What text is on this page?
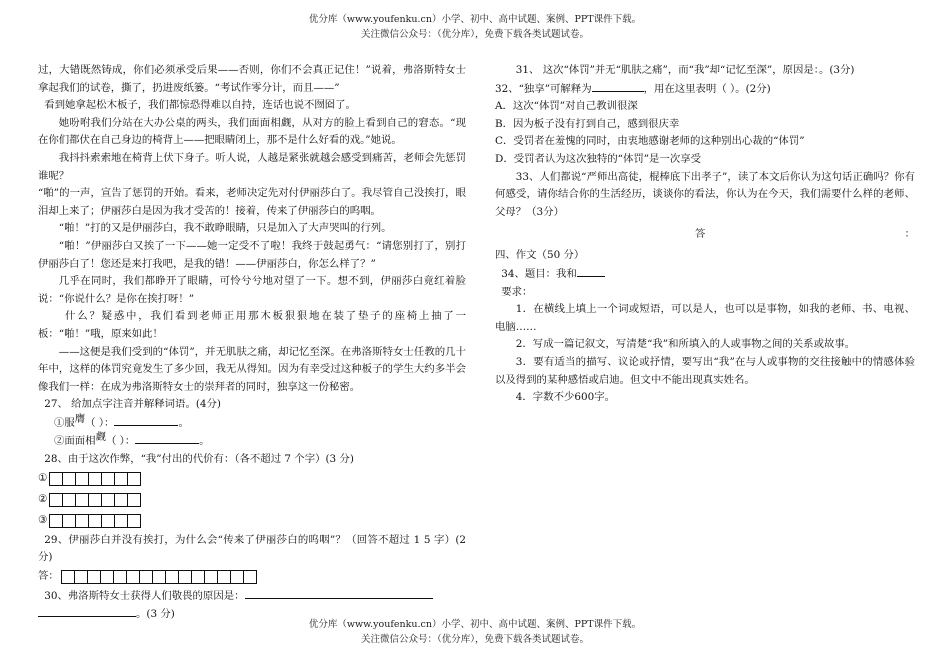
优分库（www.youfenku.cn）小学、初中、高中试题、案例、PPT课件下载。
关注微信公众号：（优分库），免费下载各类试题试卷。

过，大错既然铸成，你们必须承受后果——否则，你们不会真正记住！”说着，弗洛斯特女士拿起我们的试卷，撕了，扔进废纸篓。“考试作零分计，而且——”

看到她拿起松木板子，我们都惊恐得难以自持，连话也说不囫囵了。

她吩咐我们分站在大办公桌的两头，我们面面相觑，从对方的脸上看到自己的窘态。“现在你们都伏在自己身边的椅背上——把眼睛闭上，那不是什么好看的戏。”她说。

我抖抖索索地在椅背上伏下身子。听人说，人越是紧张就越会感受到痛苦，老师会先惩罚谁呢？

“啪”的一声，宣告了惩罚的开始。看来，老师决定先对付伊丽莎白了。我尽管自己没挨打，眼泪却上来了；伊丽莎白是因为我才受苦的！接着，传来了伊丽莎白的呜咽。

“啪！”打的又是伊丽莎白，我不敢睁眼睛，只是加入了大声哭叫的行列。

“啪！”伊丽莎白又挨了一下——她一定受不了啦！我终于鼓起勇气：“请您别打了，别打伊丽莎白了！您还是来打我吧，是我的错！——伊丽莎白，你怎么样了？”

几乎在同时，我们都睁开了眼睛，可怜兮兮地对望了一下。想不到，伊丽莎白竟红着脸说：“你说什么？是你在挨打呀！”

什么？疑惑中，我们看到老师正用那木板狠狠地在装了垫子的座椅上抽了一板：“啪！”哦，原来如此！

——这便是我们受到的“体罚”，并无肌肤之痛，却记忆至深。在弗洛斯特女士任教的几十年中，这样的体罚究竟发生了多少回，我无从得知。因为有幸受过这种板子的学生大约多半会像我们一样：在成为弗洛斯特女士的崇拜者的同时，独享这一份秘密。

27、 给加点字注音并解释词语。(4分)

①服膺（ ）：	。

②面面相觑（ ）：	。

28、由于这次作弊，“我”付出的代价有：（各不超过 7 个字）(3 分)

①
②
③

29、伊丽莎白并没有挨打，为什么会“传来了伊丽莎白的呜咽”？（回答不超过 1 5 字）(2 分)

答：

30、弗洛斯特女士获得人们敬畏的原因是：

。(3 分)

31、 这次“体罚”并无“肌肤之痛”，而“我”却“记忆至深”，原因是：。(3分)

32、“独享”可解释为	，用在这里表明（ ）。(2分)

A．这次“体罚”对自己教训很深

B．因为板子没有打到自己，感到很庆幸

C．受罚者在羞愧的同时，由衷地感谢老师的这种别出心裁的“体罚”

D．受罚者认为这次独特的“体罚”是一次享受

33、人们都说“严师出高徒，棍棒底下出孝子”，读了本文后你认为这句话正确吗？你有何感受，请你结合你的生活经历，谈谈你的看法，你认为在今天，我们需要什么样的老师、父母？（3分）

答	：

四、作文（50 分）

34、题目：我和

要求：

1．在横线上填上一个词或短语，可以是人，也可以是事物，如我的老师、书、电视、电脑……

2．写成一篇记叙文，写清楚“我”和所填入的人或事物之间的关系或故事。

3．要有适当的描写、议论或抒情，要写出“我”在与人或事物的交往接触中的情感体验以及得到的某种感悟或启迪。但文中不能出现真实姓名。

4．字数不少600字。

优分库（www.youfenku.cn）小学、初中、高中试题、案例、PPT课件下载。
关注微信公众号：（优分库），免费下载各类试题试卷。
